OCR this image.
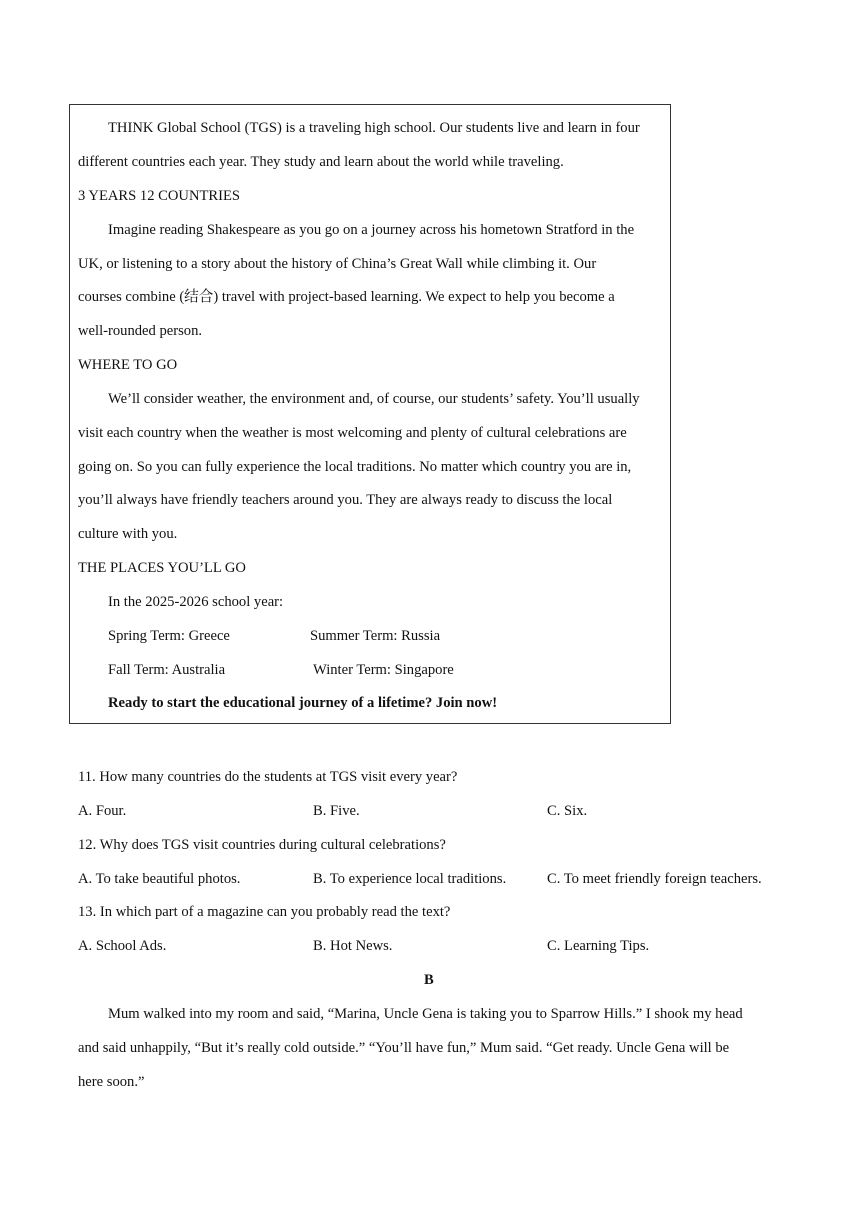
THINK Global School (TGS) is a traveling high school. Our students live and learn in four
different countries each year. They study and learn about the world while traveling.
3 YEARS 12 COUNTRIES
Imagine reading Shakespeare as you go on a journey across his hometown Stratford in the
UK, or listening to a story about the history of China’s Great Wall while climbing it. Our
courses combine (结合) travel with project-based learning. We expect to help you become a
well-rounded person.
WHERE TO GO
We’ll consider weather, the environment and, of course, our students’ safety. You’ll usually
visit each country when the weather is most welcoming and plenty of cultural celebrations are
going on. So you can fully experience the local traditions. No matter which country you are in,
you’ll always have friendly teachers around you. They are always ready to discuss the local
culture with you.
THE PLACES YOU’LL GO
In the 2025-2026 school year:
Spring Term: Greece	Summer Term: Russia
Fall Term: Australia	Winter Term: Singapore
Ready to start the educational journey of a lifetime? Join now!
11. How many countries do the students at TGS visit every year?
A. Four.	B. Five.	C. Six.
12. Why does TGS visit countries during cultural celebrations?
A. To take beautiful photos.	B. To experience local traditions.	C. To meet friendly foreign teachers.
13. In which part of a magazine can you probably read the text?
A. School Ads.	B. Hot News.	C. Learning Tips.
B
Mum walked into my room and said, “Marina, Uncle Gena is taking you to Sparrow Hills.” I shook my head
and said unhappily, “But it’s really cold outside.” “You’ll have fun,” Mum said. “Get ready. Uncle Gena will be
here soon.”
